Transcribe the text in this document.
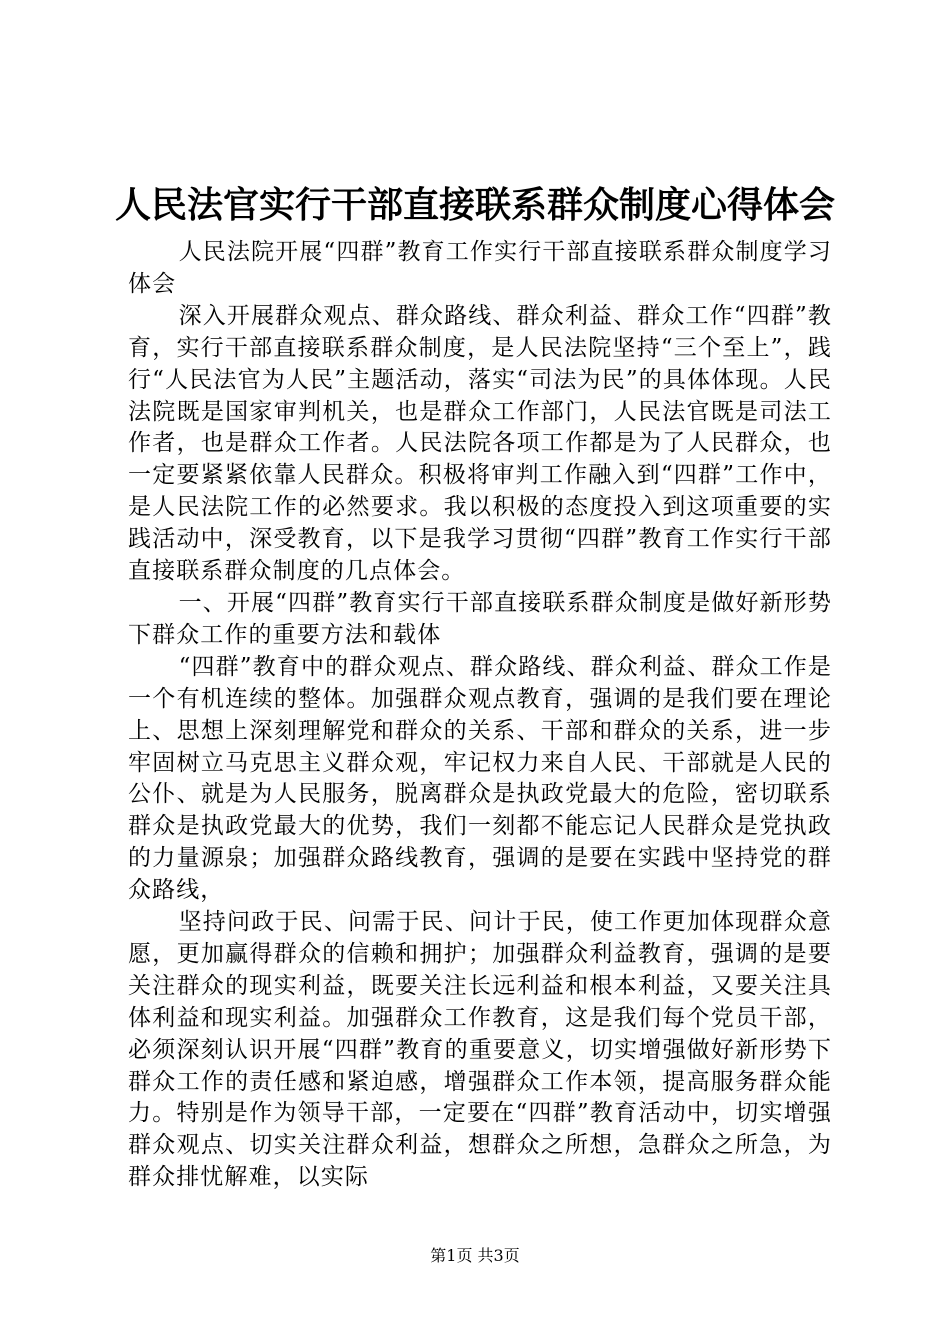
人民法官实行干部直接联系群众制度心得体会

人民法院开展“四群”教育工作实行干部直接联系群众制度学习体会

深入开展群众观点、群众路线、群众利益、群众工作“四群”教育，实行干部直接联系群众制度，是人民法院坚持“三个至上”，践行“人民法官为人民”主题活动，落实“司法为民”的具体体现。人民法院既是国家审判机关，也是群众工作部门，人民法官既是司法工作者，也是群众工作者。人民法院各项工作都是为了人民群众，也一定要紧紧依靠人民群众。积极将审判工作融入到“四群”工作中，是人民法院工作的必然要求。我以积极的态度投入到这项重要的实践活动中，深受教育，以下是我学习贯彻“四群”教育工作实行干部直接联系群众制度的几点体会。

一、开展“四群”教育实行干部直接联系群众制度是做好新形势下群众工作的重要方法和载体

“四群”教育中的群众观点、群众路线、群众利益、群众工作是一个有机连续的整体。加强群众观点教育，强调的是我们要在理论上、思想上深刻理解党和群众的关系、干部和群众的关系，进一步牢固树立马克思主义群众观，牢记权力来自人民、干部就是人民的公仆、就是为人民服务，脱离群众是执政党最大的危险，密切联系群众是执政党最大的优势，我们一刻都不能忘记人民群众是党执政的力量源泉；加强群众路线教育，强调的是要在实践中坚持党的群众路线，

坚持问政于民、问需于民、问计于民，使工作更加体现群众意愿，更加赢得群众的信赖和拥护；加强群众利益教育，强调的是要关注群众的现实利益，既要关注长远利益和根本利益，又要关注具体利益和现实利益。加强群众工作教育，这是我们每个党员干部，必须深刻认识开展“四群”教育的重要意义，切实增强做好新形势下群众工作的责任感和紧迫感，增强群众工作本领，提高服务群众能力。特别是作为领导干部，一定要在“四群”教育活动中，切实增强群众观点、切实关注群众利益，想群众之所想，急群众之所急，为群众排忧解难，以实际

第1页 共3页
